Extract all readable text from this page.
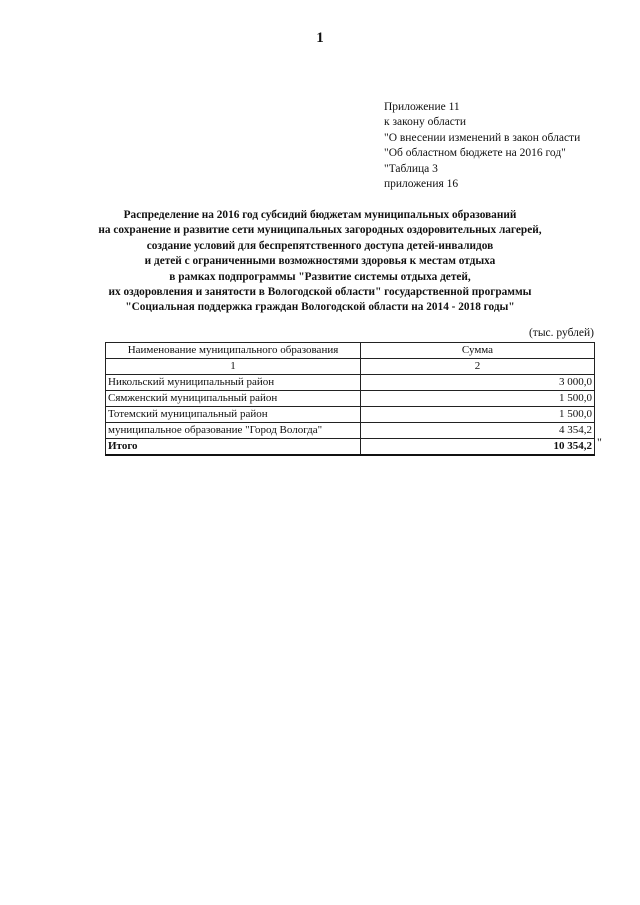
1
Приложение 11
к закону области
"О внесении изменений в закон области
"Об областном бюджете на 2016 год"
"Таблица 3
приложения 16
Распределение на 2016 год субсидий бюджетам муниципальных образований
на сохранение и развитие сети муниципальных загородных оздоровительных лагерей,
создание условий для беспрепятственного доступа детей-инвалидов
и детей с ограниченными возможностями здоровья к местам отдыха
в рамках подпрограммы "Развитие системы отдыха детей,
их оздоровления и занятости в Вологодской области" государственной программы
"Социальная поддержка граждан Вологодской области на 2014 - 2018 годы"
(тыс. рублей)
Наименование муниципального образования	Сумма
1	2
Никольский муниципальный район	3 000,0
Сямженский муниципальный район	1 500,0
Тотемский муниципальный район	1 500,0
муниципальное образование "Город Вологда"	4 354,2
Итого	10 354,2 "
